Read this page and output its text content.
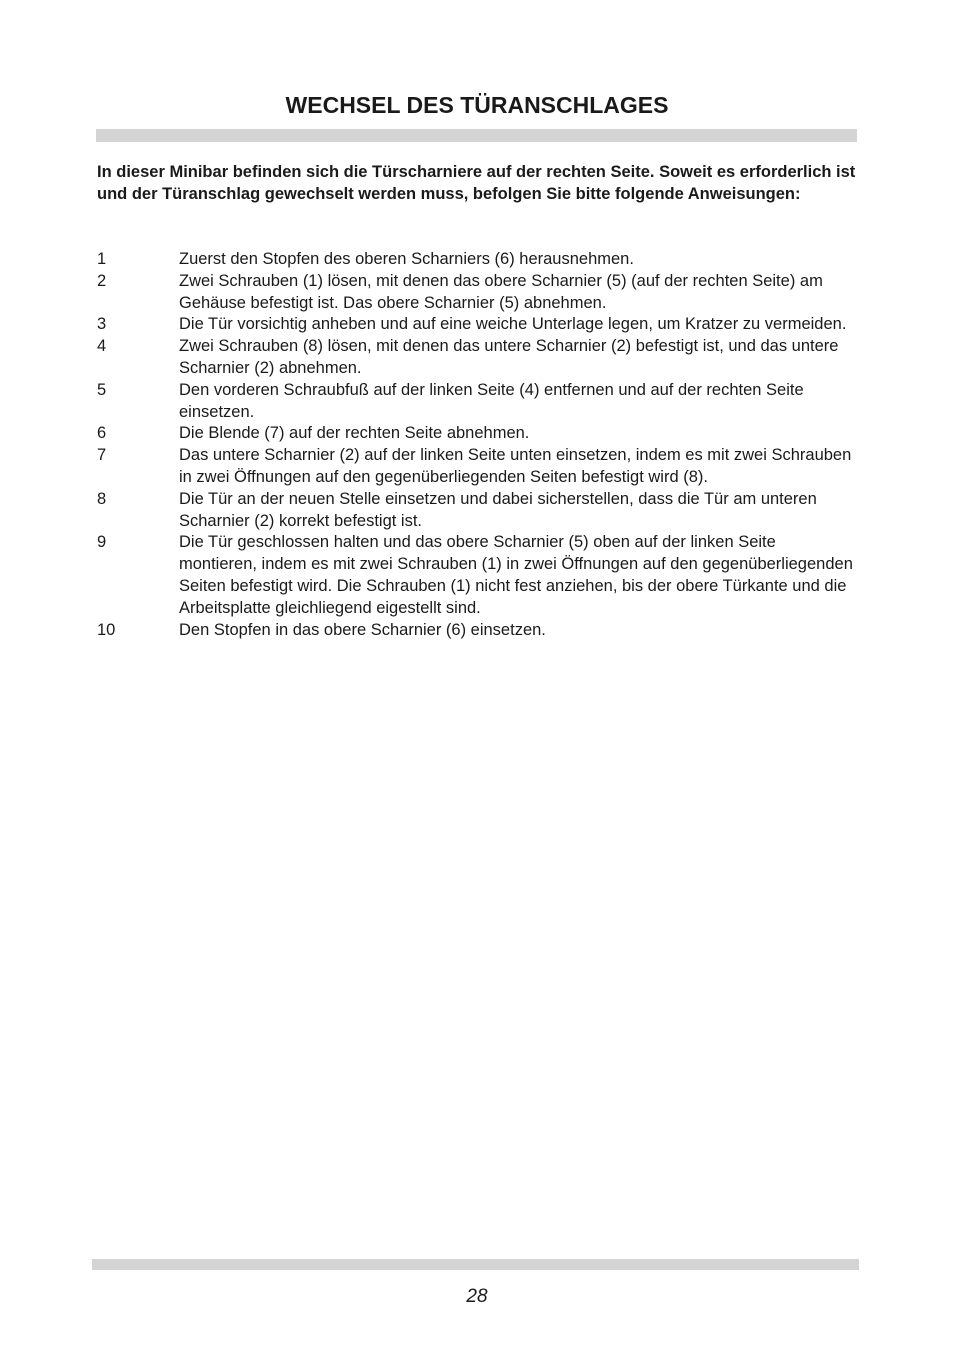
WECHSEL DES TÜRANSCHLAGES

In dieser Minibar befinden sich die Türscharniere auf der rechten Seite. Soweit es erforderlich ist und der Türanschlag gewechselt werden muss, befolgen Sie bitte folgende Anweisungen:

1	Zuerst den Stopfen des oberen Scharniers (6) herausnehmen.
2	Zwei Schrauben (1) lösen, mit denen das obere Scharnier (5) (auf der rechten Seite) am Gehäuse befestigt ist. Das obere Scharnier (5) abnehmen.
3	Die Tür vorsichtig anheben und auf eine weiche Unterlage legen, um Kratzer zu vermeiden.
4	Zwei Schrauben (8) lösen, mit denen das untere Scharnier (2) befestigt ist, und das untere Scharnier (2) abnehmen.
5	Den vorderen Schraubfuß auf der linken Seite (4) entfernen und auf der rechten Seite einsetzen.
6	Die Blende (7) auf der rechten Seite abnehmen.
7	Das untere Scharnier (2) auf der linken Seite unten einsetzen, indem es mit zwei Schrauben in zwei Öffnungen auf den gegenüberliegenden Seiten befestigt wird (8).
8	Die Tür an der neuen Stelle einsetzen und dabei sicherstellen, dass die Tür am unteren Scharnier (2) korrekt befestigt ist.
9	Die Tür geschlossen halten und das obere Scharnier (5) oben auf der linken Seite montieren, indem es mit zwei Schrauben (1) in zwei Öffnungen auf den gegenüberliegenden Seiten befestigt wird. Die Schrauben (1) nicht fest anziehen, bis der obere Türkante und die Arbeitsplatte gleichliegend eigestellt sind.
10	Den Stopfen in das obere Scharnier (6) einsetzen.
28
